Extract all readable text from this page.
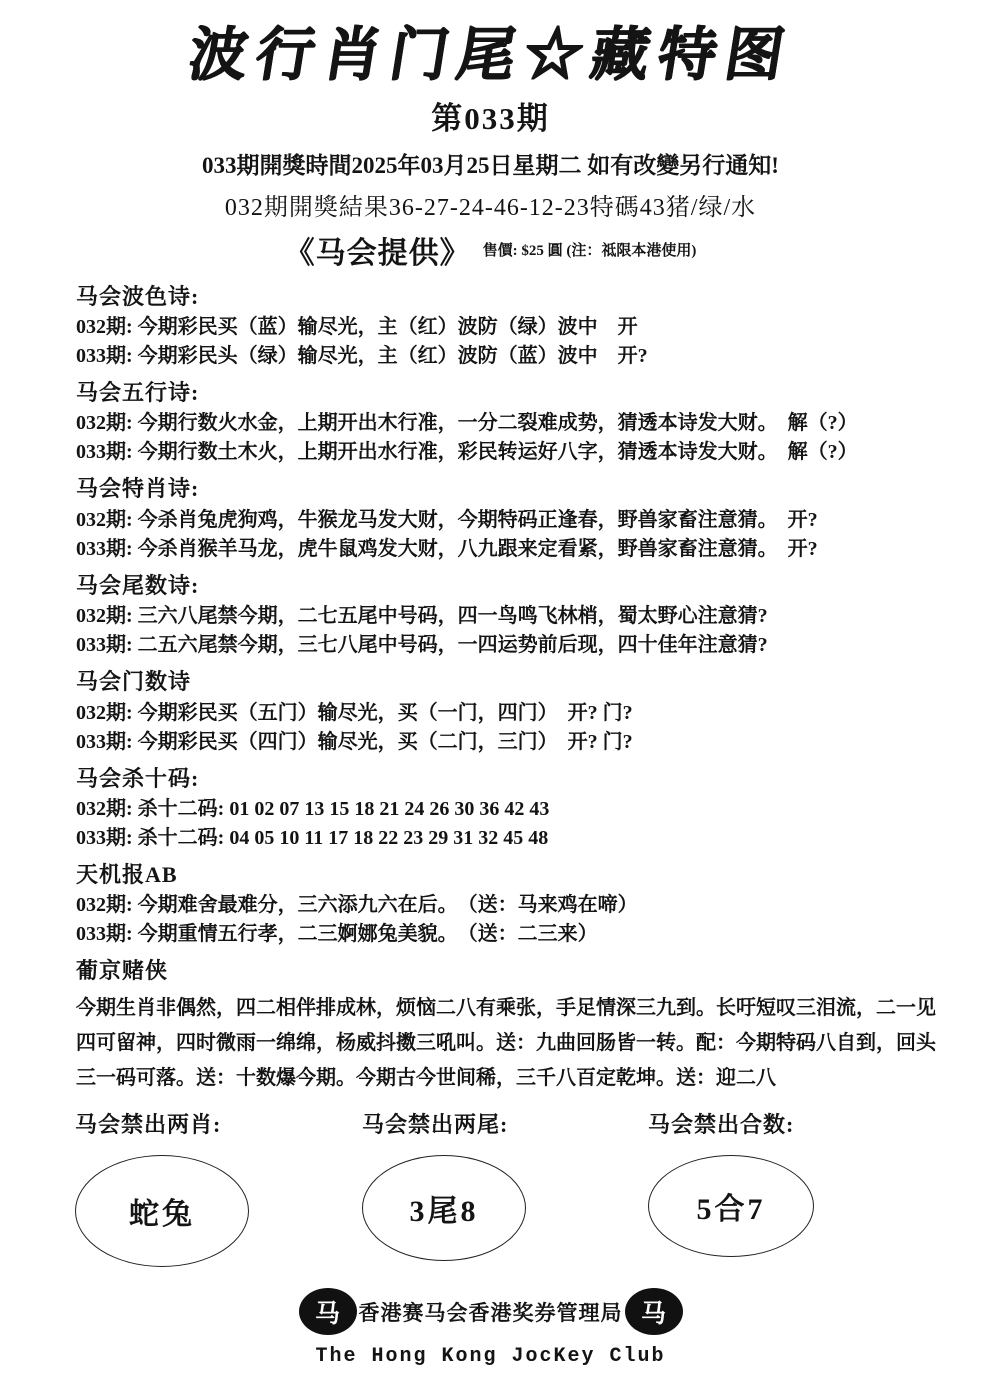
波行肖门尾☆藏特图
第033期
033期開獎時間2025年03月25日星期二 如有改變另行通知!
032期開獎結果36-27-24-46-12-23特碼43猪/绿/水
《马会提供》 售價: $25 圓 (注：祗限本港使用)
马会波色诗:
032期: 今期彩民买（蓝）输尽光，主（红）波防（绿）波中　开
033期: 今期彩民头（绿）输尽光，主（红）波防（蓝）波中　开?
马会五行诗:
032期: 今期行数火水金，上期开出木行准，一分二裂难成势，猜透本诗发大财。　解（?）
033期: 今期行数土木火，上期开出水行准，彩民转运好八字，猜透本诗发大财。　解（?）
马会特肖诗:
032期: 今杀肖兔虎狗鸡，牛猴龙马发大财，今期特码正逢春，野兽家畜注意猜。　开?
033期: 今杀肖猴羊马龙，虎牛鼠鸡发大财，八九跟来定看紧，野兽家畜注意猜。　开?
马会尾数诗:
032期: 三六八尾禁今期，二七五尾中号码，四一鸟鸣飞林梢，蜀太野心注意猜?
033期: 二五六尾禁今期，三七八尾中号码，一四运势前后现，四十佳年注意猜?
马会门数诗
032期: 今期彩民买（五门）输尽光，买（一门，四门）　开? 门?
033期: 今期彩民买（四门）输尽光，买（二门，三门）　开? 门?
马会杀十码:
032期: 杀十二码: 01 02 07 13 15 18 21 24 26 30 36 42 43
033期: 杀十二码: 04 05 10 11 17 18 22 23 29 31 32 45 48
天机报AB
032期: 今期难舍最难分，三六添九六在后。　（送：马来鸡在啼）
033期: 今期重情五行孝，二三婀娜兔美貌。　（送：二三来）
葡京赌侠
今期生肖非偶然，四二相伴排成林，烦恼二八有乘张，手足情深三九到。长吁短叹三泪流，二一见四可留神，四时微雨一绵绵，杨威抖擞三吼叫。送：九曲回肠皆一转。配：今期特码八自到，回头三一码可落。送：十数爆今期。今期古今世间稀，三千八百定乾坤。送：迎二八
马会禁出两肖:
蛇兔
马会禁出两尾:
3尾8
马会禁出合数:
5合7
马 香港赛马会香港奖券管理局 马
The Hong Kong JocKey Club
